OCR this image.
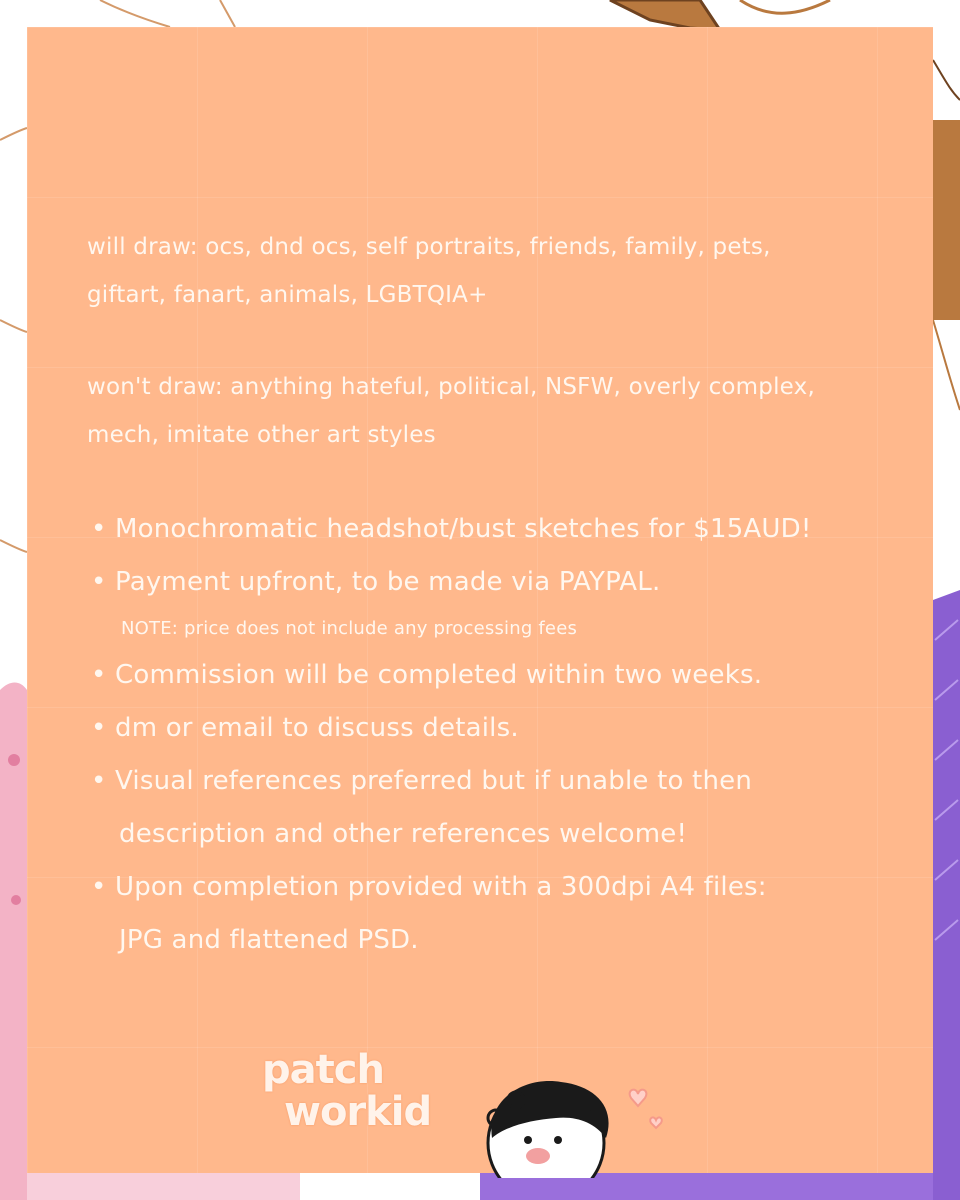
will draw: ocs, dnd ocs, self portraits, friends, family, pets,
giftart, fanart, animals, LGBTQIA+

won't draw: anything hateful, political, NSFW, overly complex,
mech, imitate other art styles

• Monochromatic headshot/bust sketches for $15AUD!
• Payment upfront, to be made via PAYPAL.
NOTE: price does not include any processing fees
• Commission will be completed within two weeks.
• dm or email to discuss details.
• Visual references preferred but if unable to then
description and other references welcome!
• Upon completion provided with a 300dpi A4 files:
JPG and flattened PSD.
patch
workid
